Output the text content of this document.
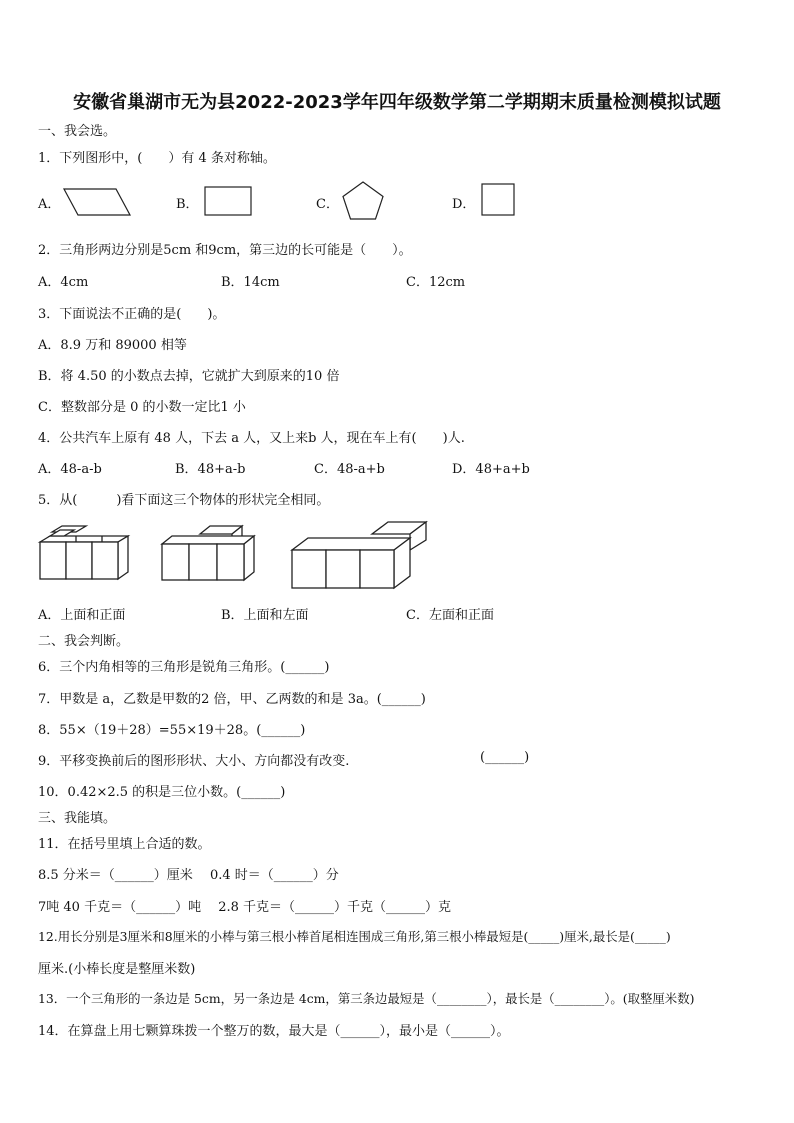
安徽省巢湖市无为县2022-2023学年四年级数学第二学期期末质量检测模拟试题
一、我会选。
1．下列图形中，(　　）有 4 条对称轴。
A．	B．	C．	D．
2．三角形两边分别是5cm 和9cm，第三边的长可能是（　　）。
A．4cm	B．14cm	C．12cm
3．下面说法不正确的是(　　)。
A．8.9 万和 89000 相等
B．将 4.50 的小数点去掉，它就扩大到原来的10 倍
C．整数部分是 0 的小数一定比1 小
4．公共汽车上原有 48 人，下去 a 人，又上来b 人，现在车上有(　　)人.
A．48-a-b	B．48+a-b	C．48-a+b	D．48+a+b
5．从(　　　)看下面这三个物体的形状完全相同。
A．上面和正面	B．上面和左面	C．左面和正面
二、我会判断。
6．三个内角相等的三角形是锐角三角形。(______)
7．甲数是 a，乙数是甲数的2 倍，甲、乙两数的和是 3a。(______)
8．55×（19＋28）=55×19＋28。(______)
9．平移变换前后的图形形状、大小、方向都没有改变.	(______)
10．0.42×2.5 的积是三位小数。(______)
三、我能填。
11．在括号里填上合适的数。
8.5 分米＝（______）厘米　 0.4 时＝（______）分
7吨 40 千克＝（______）吨　 2.8 千克＝（______）千克（______）克
12.用长分别是3厘米和8厘米的小棒与第三根小棒首尾相连围成三角形,第三根小棒最短是(_____)厘米,最长是(_____)
厘米.(小棒长度是整厘米数)
13．一个三角形的一条边是 5cm，另一条边是 4cm，第三条边最短是（________），最长是（________）。(取整厘米数)
14．在算盘上用七颗算珠拨一个整万的数，最大是（______），最小是（______）。
